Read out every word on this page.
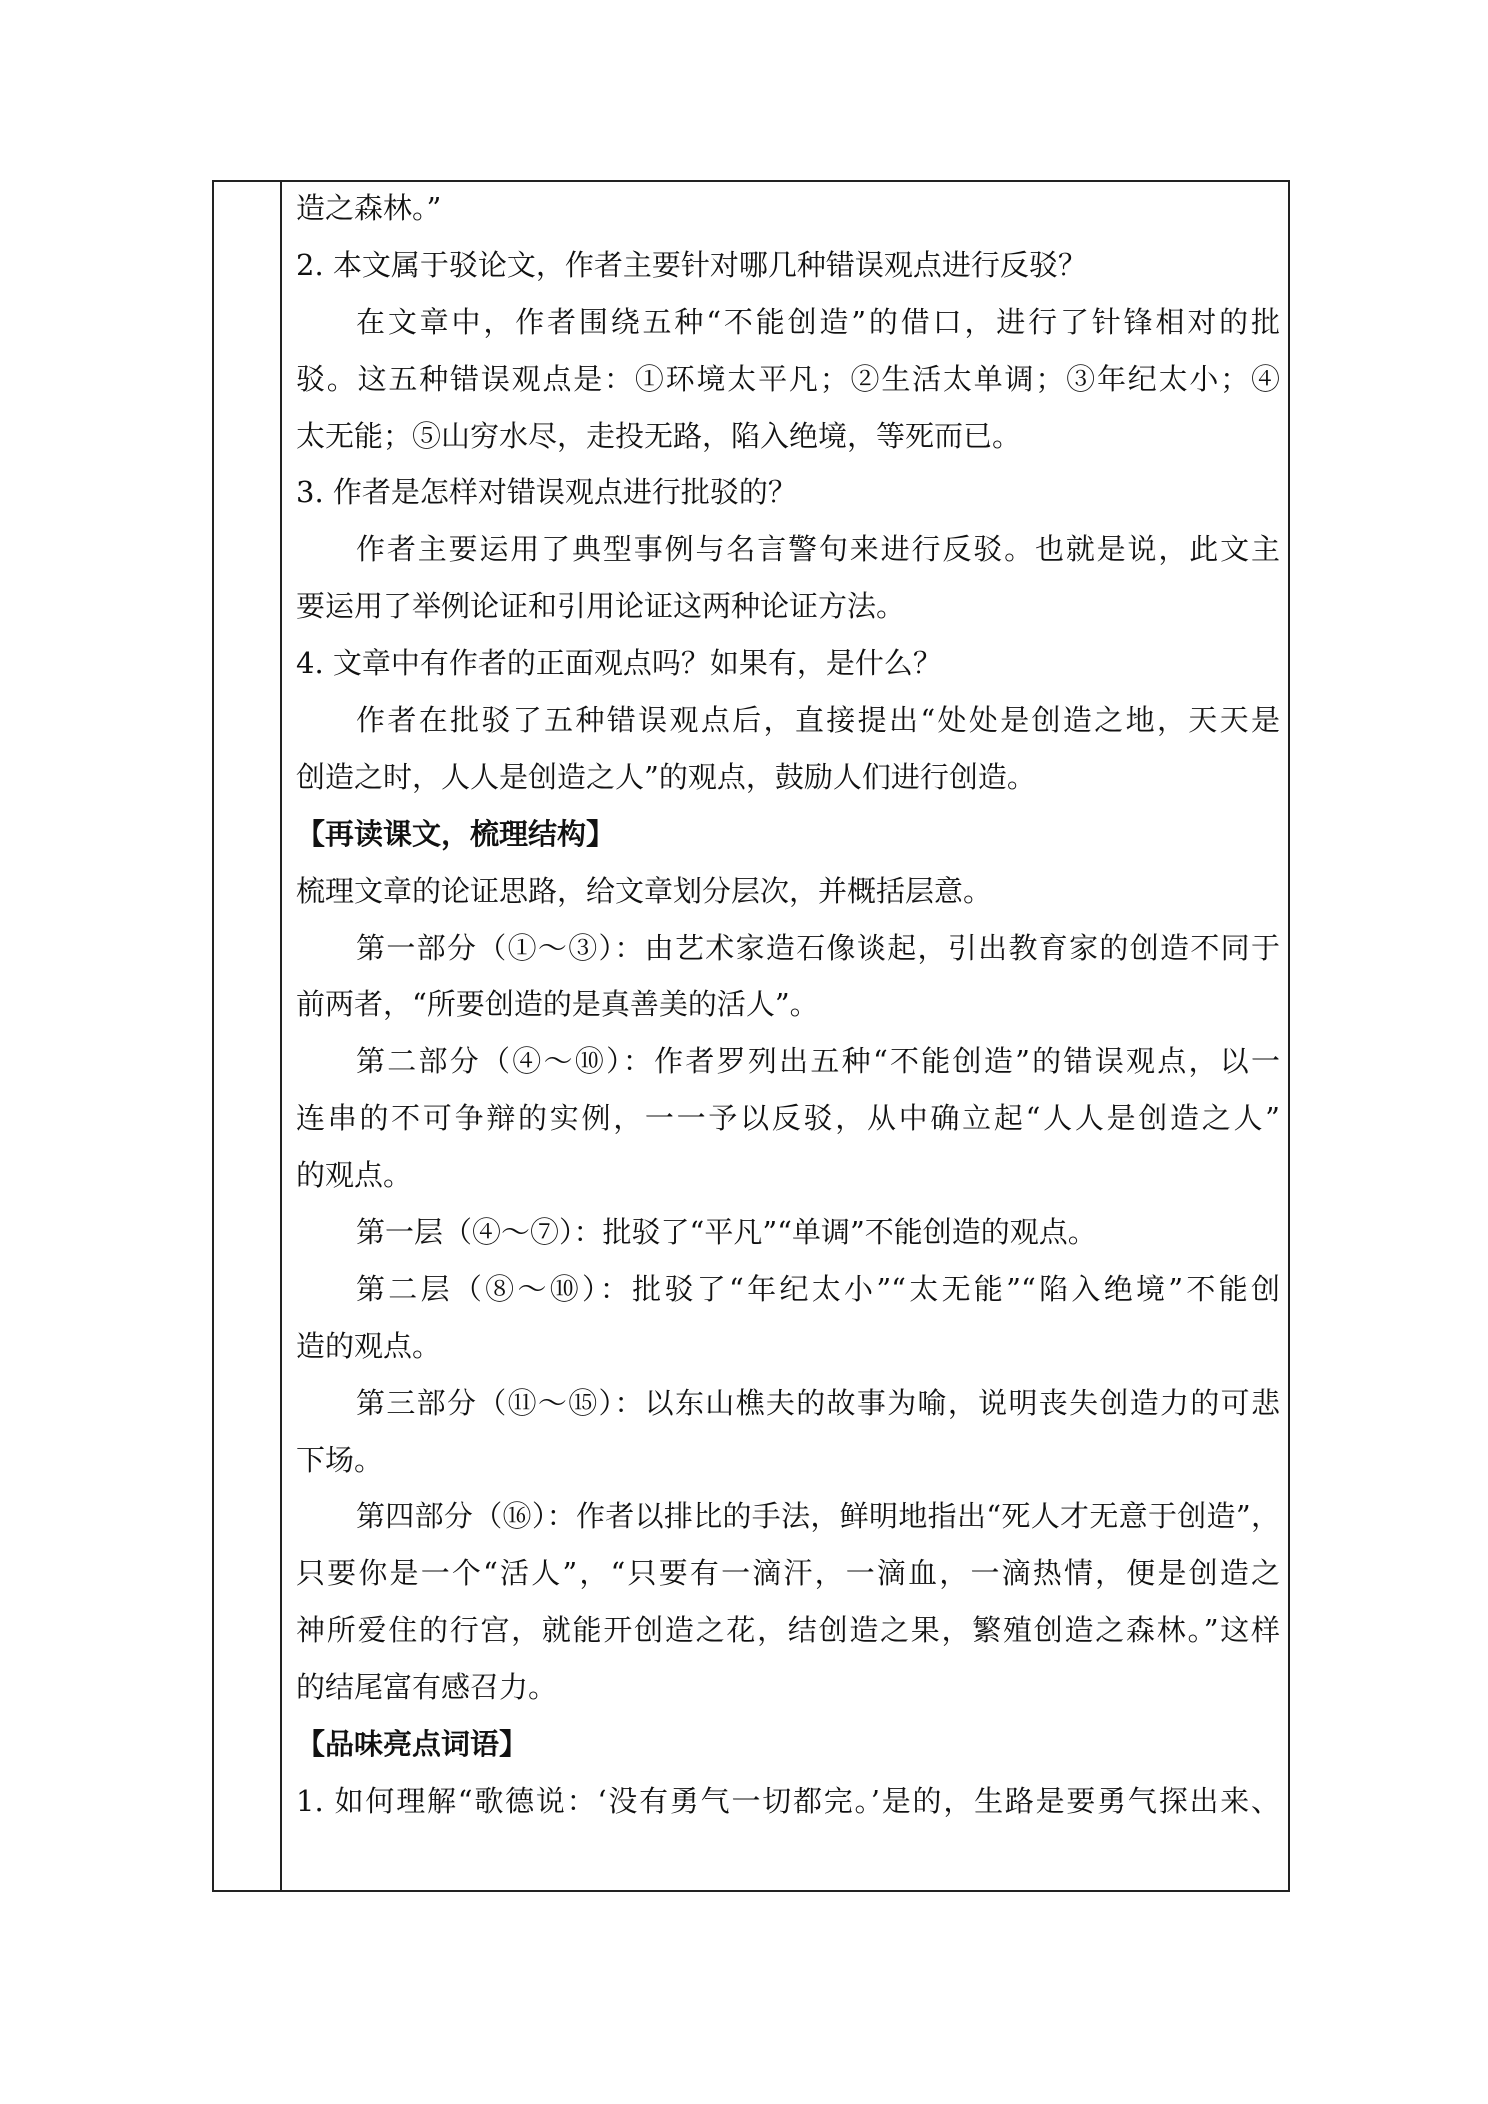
造之森林。”
2. 本文属于驳论文，作者主要针对哪几种错误观点进行反驳？
在文章中，作者围绕五种“不能创造”的借口，进行了针锋相对的批
驳。这五种错误观点是：①环境太平凡；②生活太单调；③年纪太小；④
太无能；⑤山穷水尽，走投无路，陷入绝境，等死而已。
3. 作者是怎样对错误观点进行批驳的？
作者主要运用了典型事例与名言警句来进行反驳。也就是说，此文主
要运用了举例论证和引用论证这两种论证方法。
4. 文章中有作者的正面观点吗？如果有，是什么？
作者在批驳了五种错误观点后，直接提出“处处是创造之地，天天是
创造之时，人人是创造之人”的观点，鼓励人们进行创造。
【再读课文，梳理结构】
梳理文章的论证思路，给文章划分层次，并概括层意。
第一部分（①～③）：由艺术家造石像谈起，引出教育家的创造不同于
前两者，“所要创造的是真善美的活人”。
第二部分（④～⑩）：作者罗列出五种“不能创造”的错误观点，以一
连串的不可争辩的实例，一一予以反驳，从中确立起“人人是创造之人”
的观点。
第一层（④～⑦）：批驳了“平凡”“单调”不能创造的观点。
第二层（⑧～⑩）：批驳了“年纪太小”“太无能”“陷入绝境”不能创
造的观点。
第三部分（⑪～⑮）：以东山樵夫的故事为喻，说明丧失创造力的可悲
下场。
第四部分（⑯）：作者以排比的手法，鲜明地指出“死人才无意于创造”，
只要你是一个“活人”，“只要有一滴汗，一滴血，一滴热情，便是创造之
神所爱住的行宫，就能开创造之花，结创造之果，繁殖创造之森林。”这样
的结尾富有感召力。
【品味亮点词语】
1. 如何理解“歌德说：‘没有勇气一切都完。’是的，生路是要勇气探出来、
